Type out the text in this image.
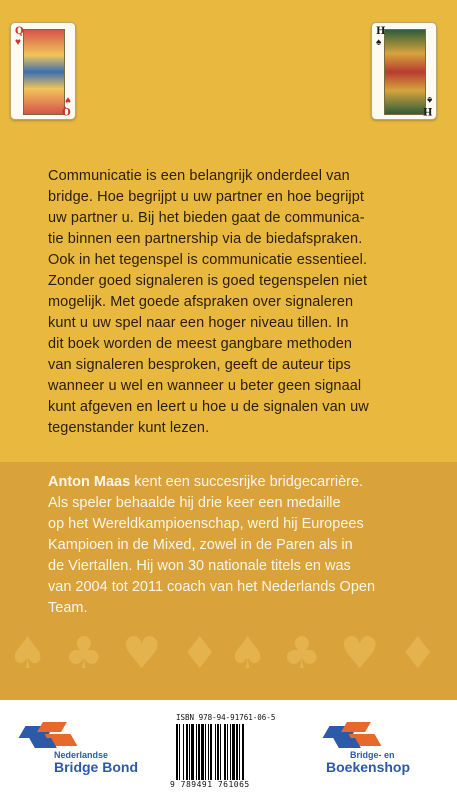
Q
♥
Q
♥
H
♠
H
♠
Communicatie is een belangrijk onderdeel van
bridge. Hoe begrijpt u uw partner en hoe begrijpt
uw partner u. Bij het bieden gaat de communica-
tie binnen een partnership via de biedafspraken.
Ook in het tegenspel is communicatie essentieel.
Zonder goed signaleren is goed tegenspelen niet
mogelijk. Met goede afspraken over signaleren
kunt u uw spel naar een hoger niveau tillen. In
dit boek worden de meest gangbare methoden
van signaleren besproken, geeft de auteur tips
wanneer u wel en wanneer u beter geen signaal
kunt afgeven en leert u hoe u de signalen van uw
tegenstander kunt lezen.
Anton Maas kent een succesrijke bridgecarrière.
Als speler behaalde hij drie keer een medaille
op het Wereldkampioenschap, werd hij Europees
Kampioen in de Mixed, zowel in de Paren als in
de Viertallen. Hij won 30 nationale titels en was
van 2004 tot 2011 coach van het Nederlands Open
Team.
♠ ♣ ♥ ♦ ♠ ♣ ♥ ♦
Nederlandse
Bridge Bond
ISBN 978-94-91761-06-5
9 789491 761065
Bridge- en
Boekenshop
